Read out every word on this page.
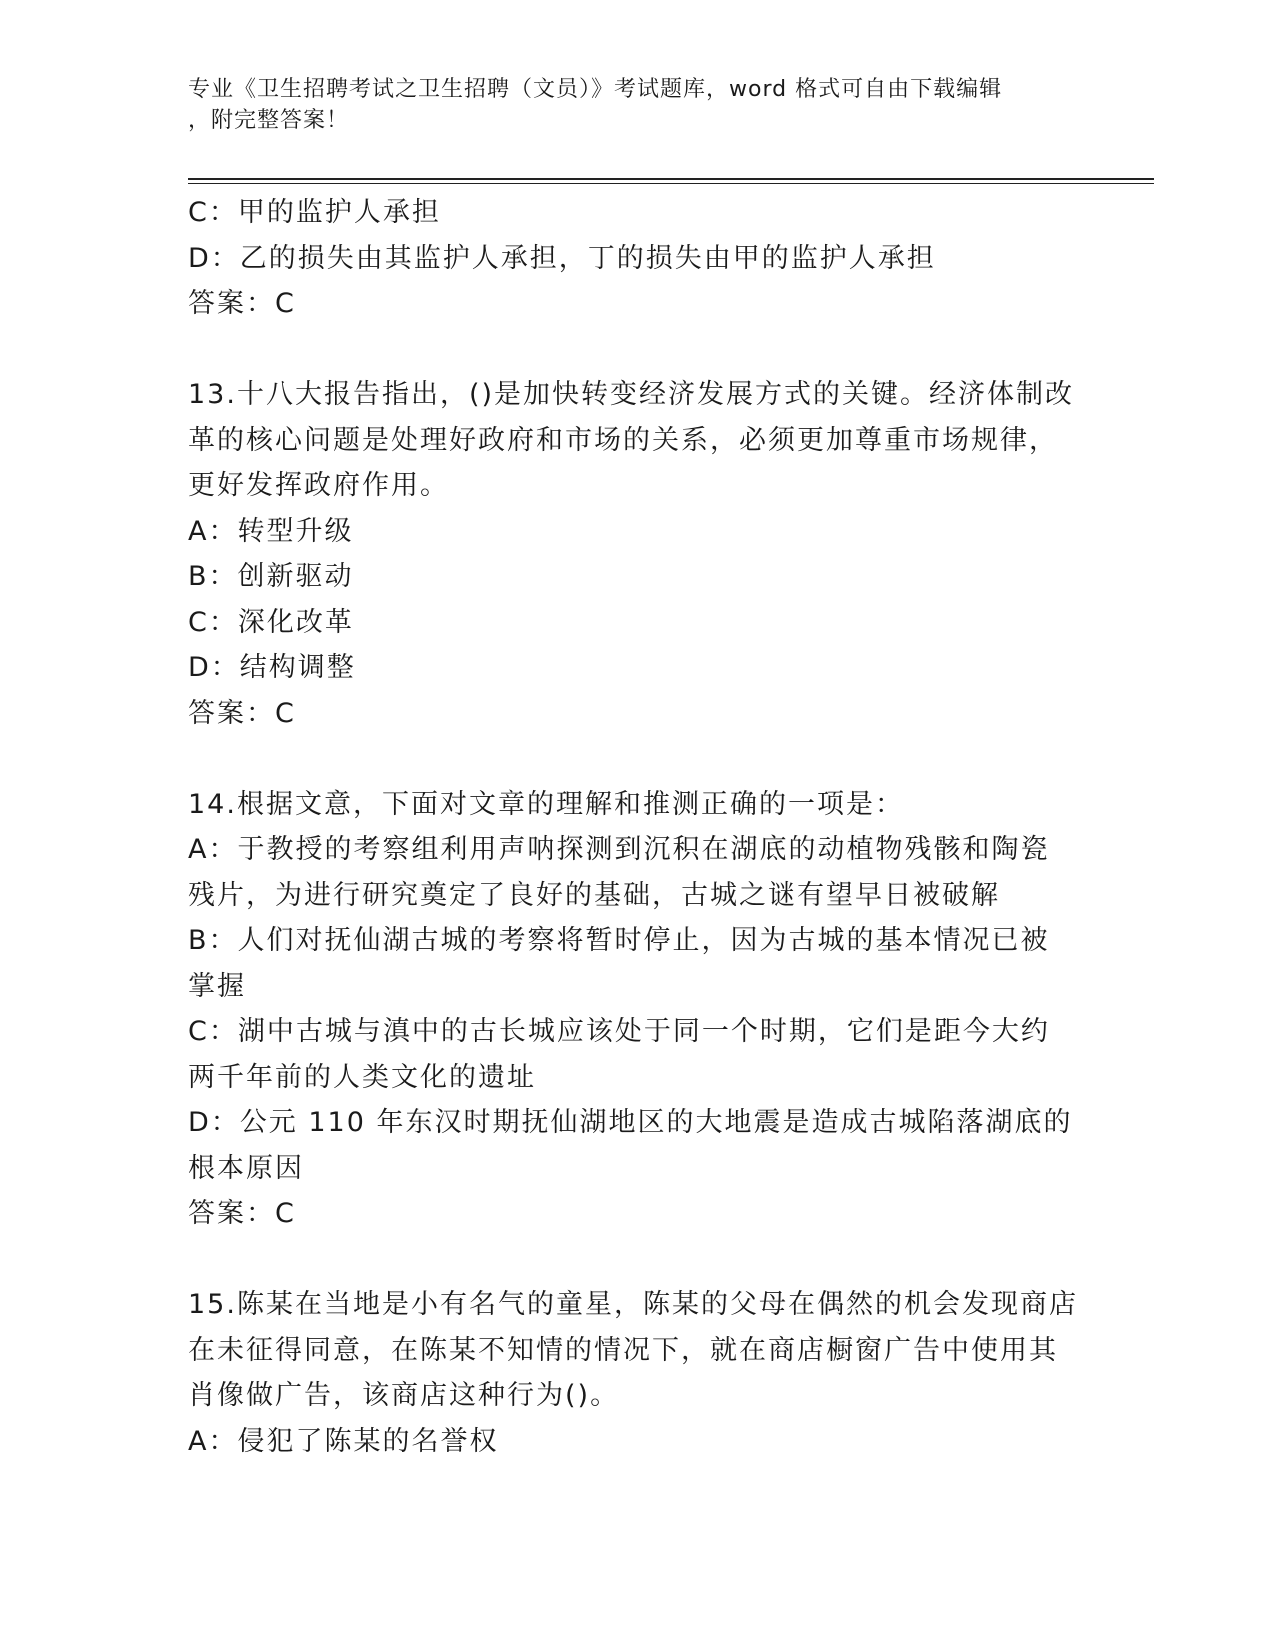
专业《卫生招聘考试之卫生招聘（文员）》考试题库，word 格式可自由下载编辑
，附完整答案！

C：甲的监护人承担

D：乙的损失由其监护人承担，丁的损失由甲的监护人承担

答案：C

13.十八大报告指出，()是加快转变经济发展方式的关键。经济体制改革的核心问题是处理好政府和市场的关系，必须更加尊重市场规律，更好发挥政府作用。

A：转型升级

B：创新驱动

C：深化改革

D：结构调整

答案：C

14.根据文意，下面对文章的理解和推测正确的一项是：

A：于教授的考察组利用声呐探测到沉积在湖底的动植物残骸和陶瓷残片，为进行研究奠定了良好的基础，古城之谜有望早日被破解

B：人们对抚仙湖古城的考察将暂时停止，因为古城的基本情况已被掌握

C：湖中古城与滇中的古长城应该处于同一个时期，它们是距今大约两千年前的人类文化的遗址

D：公元 110 年东汉时期抚仙湖地区的大地震是造成古城陷落湖底的根本原因

答案：C

15.陈某在当地是小有名气的童星，陈某的父母在偶然的机会发现商店在未征得同意，在陈某不知情的情况下，就在商店橱窗广告中使用其肖像做广告，该商店这种行为()。

A：侵犯了陈某的名誉权
